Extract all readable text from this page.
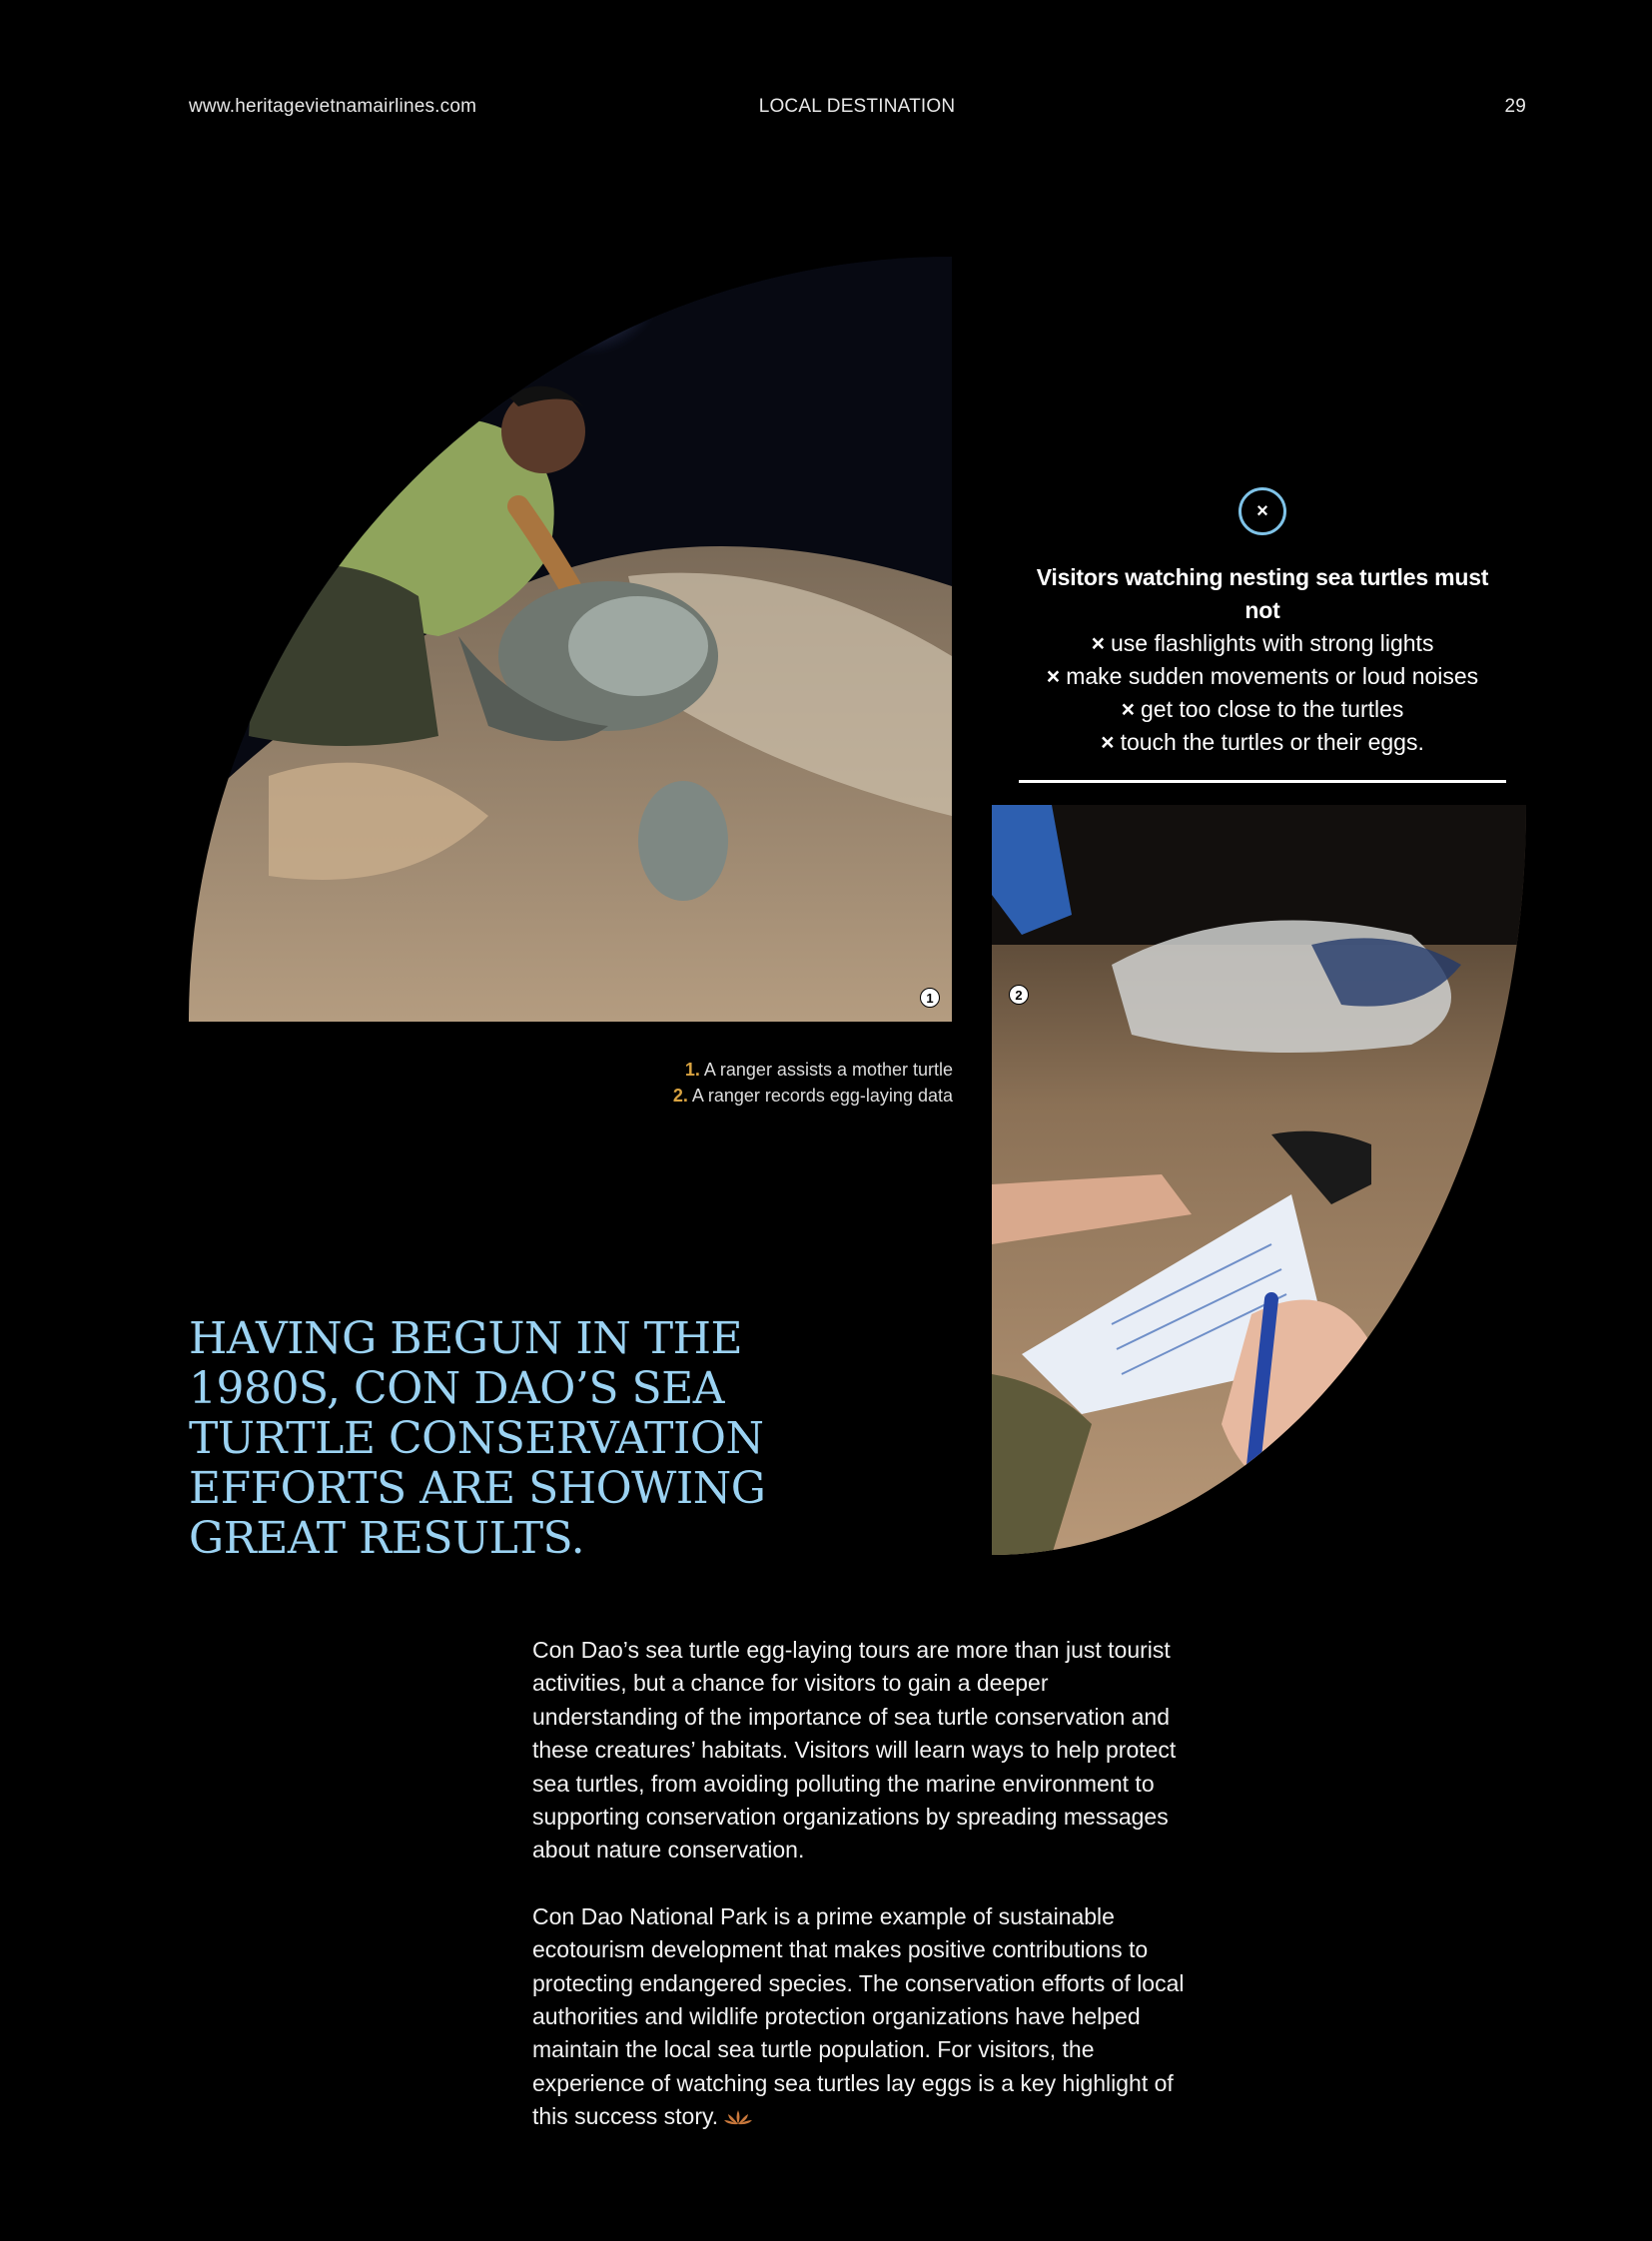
www.heritagevietnamairlines.com	LOCAL DESTINATION	29
1	2
1. A ranger assists a mother turtle
2. A ranger records egg-laying data
×
Visitors watching nesting sea turtles must not
× use flashlights with strong lights
× make sudden movements or loud noises
× get too close to the turtles
× touch the turtles or their eggs.
HAVING BEGUN IN THE 1980S, CON DAO’S SEA TURTLE CONSERVATION EFFORTS ARE SHOWING GREAT RESULTS.

Con Dao’s sea turtle egg-laying tours are more than just tourist activities, but a chance for visitors to gain a deeper understanding of the importance of sea turtle conservation and these creatures’ habitats. Visitors will learn ways to help protect sea turtles, from avoiding polluting the marine environment to supporting conservation organizations by spreading messages about nature conservation.

Con Dao National Park is a prime example of sustainable ecotourism development that makes positive contributions to protecting endangered species. The conservation efforts of local authorities and wildlife protection organizations have helped maintain the local sea turtle population. For visitors, the experience of watching sea turtles lay eggs is a key highlight of this success story.
